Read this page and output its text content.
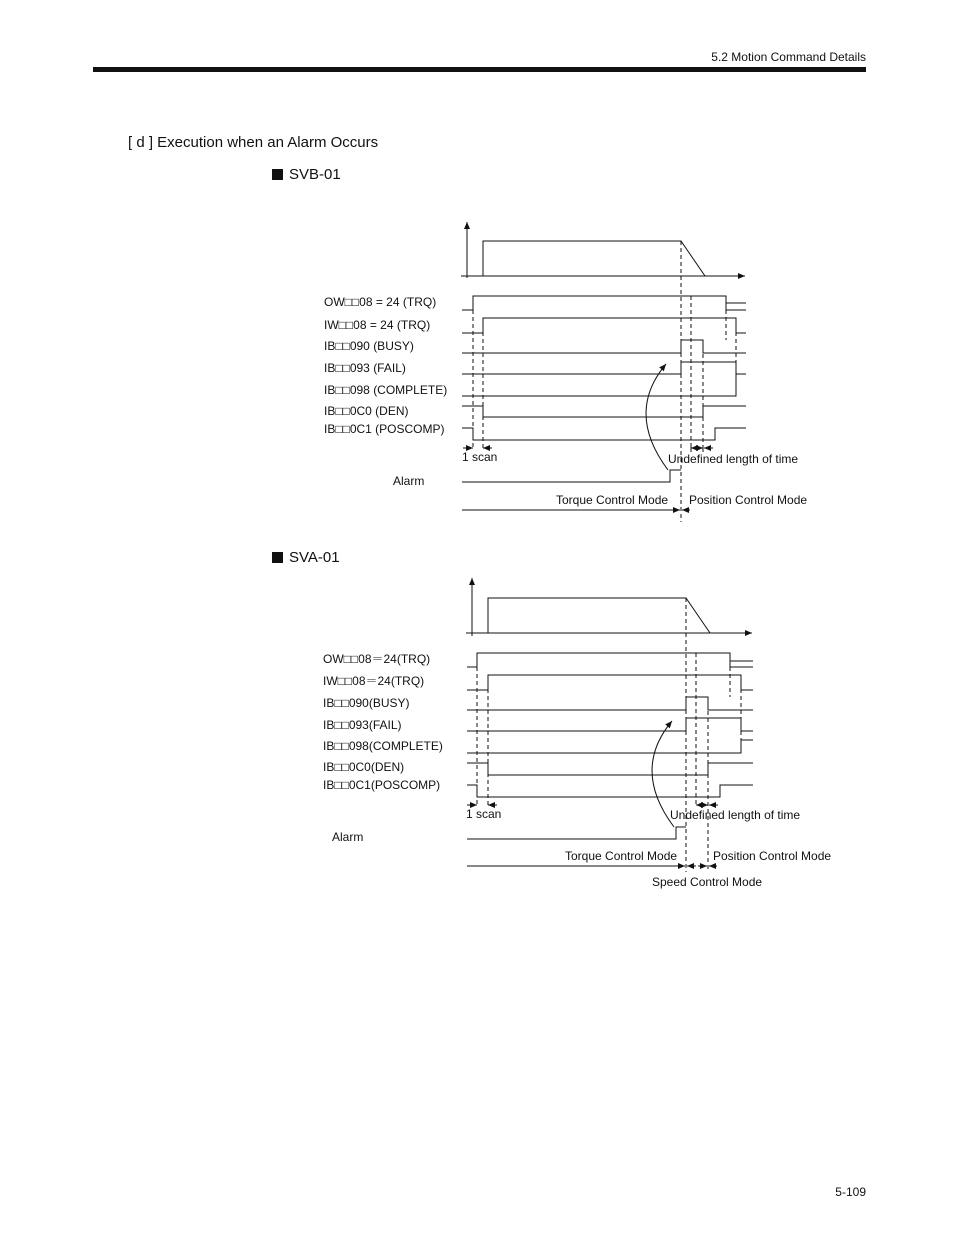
5.2 Motion Command Details
[ d ] Execution when an Alarm Occurs
SVB-01
SVA-01
OW□□08 = 24 (TRQ)
IW□□08 = 24 (TRQ)
IB□□090 (BUSY)
IB□□093 (FAIL)
IB□□098 (COMPLETE)
IB□□0C0 (DEN)
IB□□0C1 (POSCOMP)
1 scan	Undefined length of time
Alarm
Torque Control Mode Position Control Mode
OW□□08＝24(TRQ)
IW□□08＝24(TRQ)
IB□□090(BUSY)
IB□□093(FAIL)
IB□□098(COMPLETE)
IB□□0C0(DEN)
IB□□0C1(POSCOMP)
1 scan	Undefined length of time
Alarm
Torque Control Mode	Position Control Mode
Speed Control Mode
5-109
